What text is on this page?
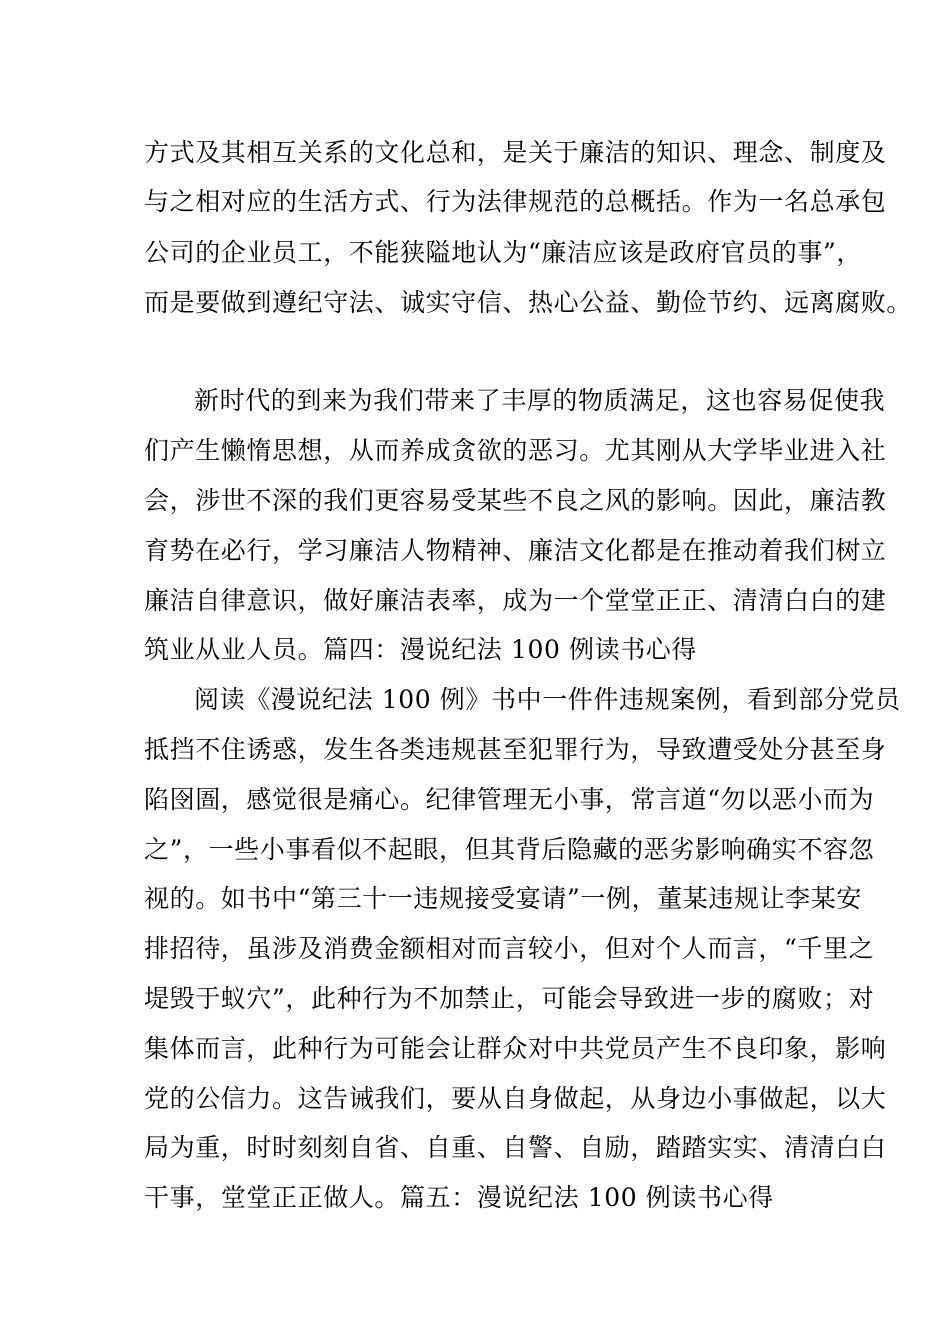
方式及其相互关系的文化总和，是关于廉洁的知识、理念、制度及

与之相对应的生活方式、行为法律规范的总概括。作为一名总承包

公司的企业员工，不能狭隘地认为“廉洁应该是政府官员的事”，

而是要做到遵纪守法、诚实守信、热心公益、勤俭节约、远离腐败。

新时代的到来为我们带来了丰厚的物质满足，这也容易促使我

们产生懒惰思想，从而养成贪欲的恶习。尤其刚从大学毕业进入社

会，涉世不深的我们更容易受某些不良之风的影响。因此，廉洁教

育势在必行，学习廉洁人物精神、廉洁文化都是在推动着我们树立

廉洁自律意识，做好廉洁表率，成为一个堂堂正正、清清白白的建

筑业从业人员。篇四：漫说纪法 100 例读书心得

阅读《漫说纪法 100 例》书中一件件违规案例，看到部分党员

抵挡不住诱惑，发生各类违规甚至犯罪行为，导致遭受处分甚至身

陷囹圄，感觉很是痛心。纪律管理无小事，常言道“勿以恶小而为

之”，一些小事看似不起眼，但其背后隐藏的恶劣影响确实不容忽

视的。如书中“第三十一违规接受宴请”一例，董某违规让李某安

排招待，虽涉及消费金额相对而言较小，但对个人而言，“千里之

堤毁于蚁穴”，此种行为不加禁止，可能会导致进一步的腐败；对

集体而言，此种行为可能会让群众对中共党员产生不良印象，影响

党的公信力。这告诫我们，要从自身做起，从身边小事做起，以大

局为重，时时刻刻自省、自重、自警、自励，踏踏实实、清清白白

干事，堂堂正正做人。篇五：漫说纪法 100 例读书心得
